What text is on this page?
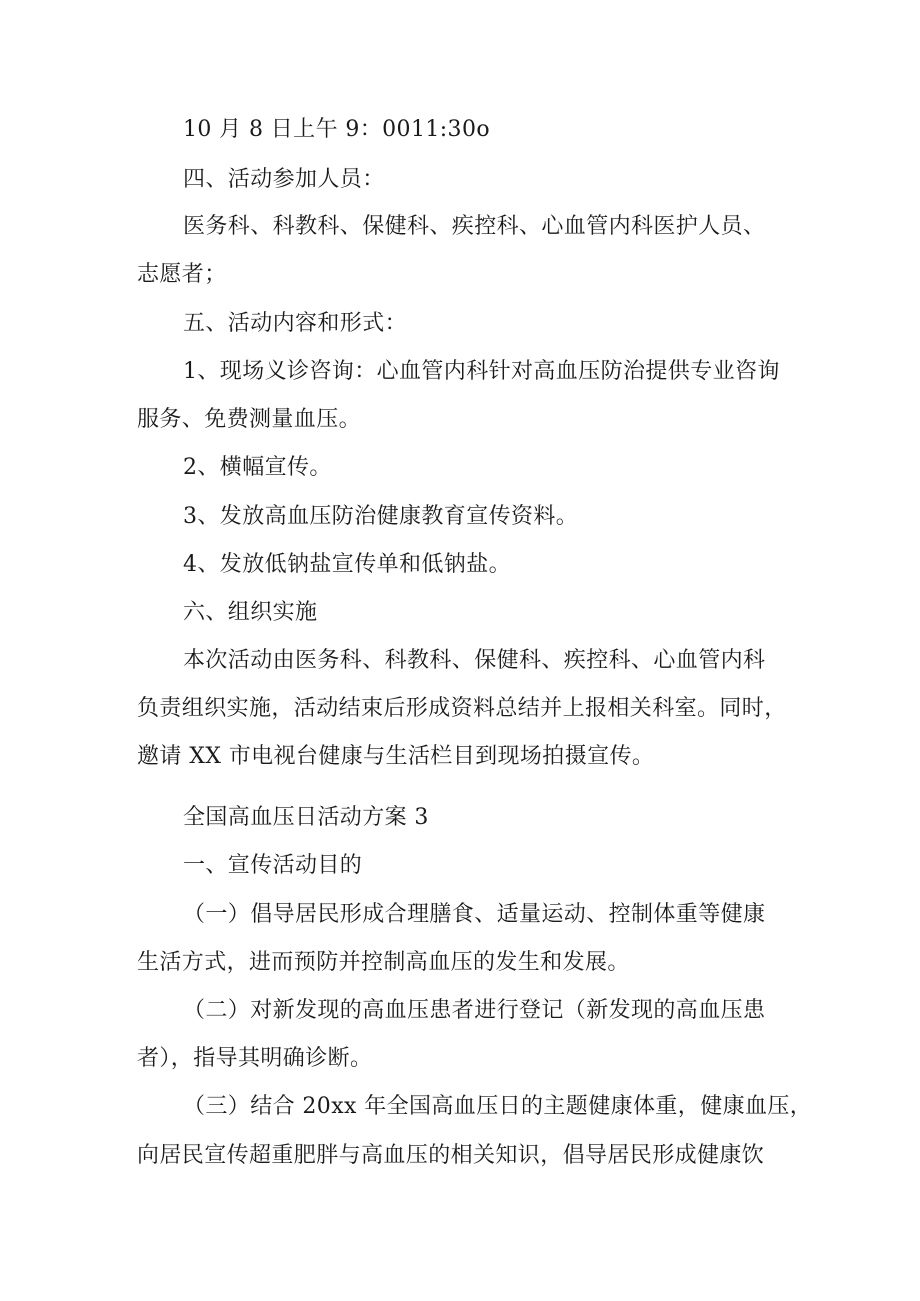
10 月 8 日上午 9：0011:30o

四、活动参加人员：

医务科、科教科、保健科、疾控科、心血管内科医护人员、

志愿者；

五、活动内容和形式：

1、现场义诊咨询：心血管内科针对高血压防治提供专业咨询

服务、免费测量血压。

2、横幅宣传。

3、发放高血压防治健康教育宣传资料。

4、发放低钠盐宣传单和低钠盐。

六、组织实施

本次活动由医务科、科教科、保健科、疾控科、心血管内科

负责组织实施，活动结束后形成资料总结并上报相关科室。同时，

邀请 XX 市电视台健康与生活栏目到现场拍摄宣传。

全国高血压日活动方案 3

一、宣传活动目的

（一）倡导居民形成合理膳食、适量运动、控制体重等健康

生活方式，进而预防并控制高血压的发生和发展。

（二）对新发现的高血压患者进行登记（新发现的高血压患

者），指导其明确诊断。

（三）结合 20xx 年全国高血压日的主题健康体重，健康血压，

向居民宣传超重肥胖与高血压的相关知识，倡导居民形成健康饮
